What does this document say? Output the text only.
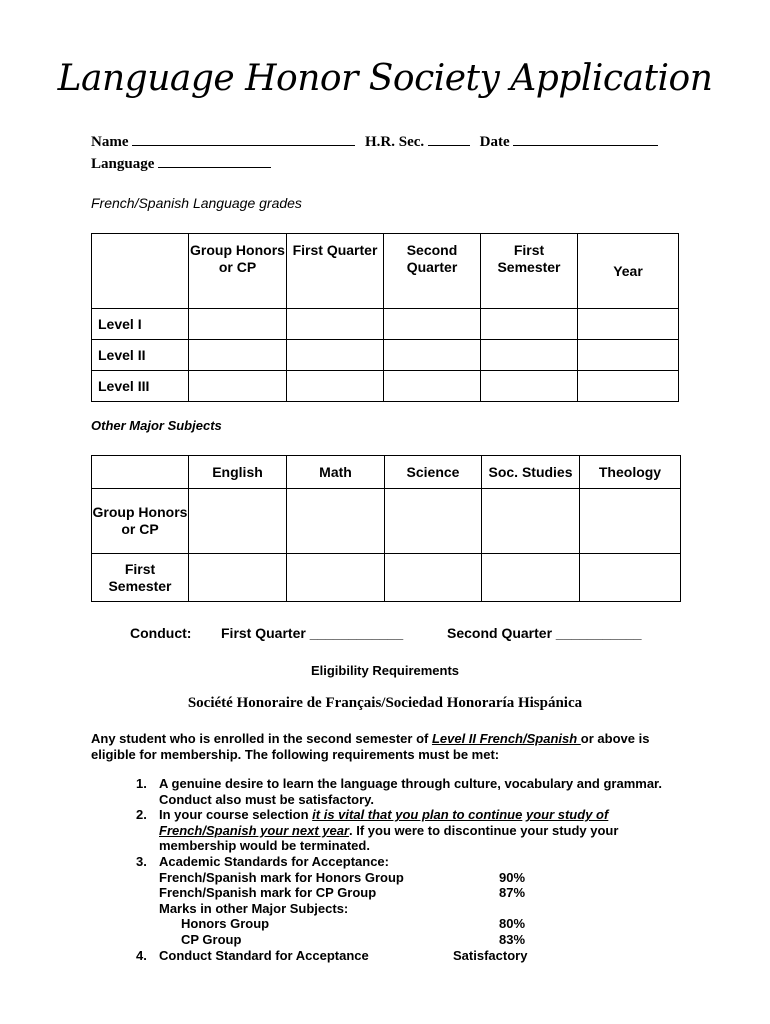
Language Honor Society Application
Name	H.R. Sec.	Date
Language
French/Spanish Language grades
	Group Honors or CP	First Quarter	Second Quarter	First Semester	Year
Level I					
Level II					
Level III					
Other Major Subjects
	English	Math	Science	Soc. Studies	Theology
Group Honors or CP					
First Semester					
Conduct: First Quarter ____________	Second Quarter ___________
Eligibility Requirements
Société Honoraire de Français/Sociedad Honoraría Hispánica
Any student who is enrolled in the second semester of Level II French/Spanish or above is eligible for membership. The following requirements must be met:
1. A genuine desire to learn the language through culture, vocabulary and grammar. Conduct also must be satisfactory.
2. In your course selection it is vital that you plan to continue your study of French/Spanish your next year. If you were to discontinue your study your membership would be terminated.
3. Academic Standards for Acceptance:
French/Spanish mark for Honors Group	90%
French/Spanish mark for CP Group	87%
Marks in other Major Subjects:
Honors Group	80%
CP Group	83%
4. Conduct Standard for Acceptance	Satisfactory
